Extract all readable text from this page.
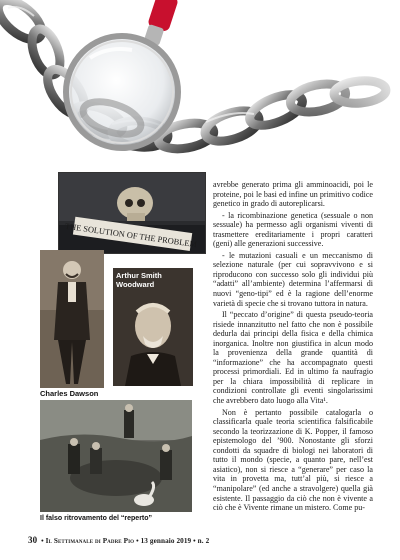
THE SOLUTION OF THE PROBLEM
Charles Dawson
Arthur Smith Woodward
Il falso ritrovamento del “reperto”

avrebbe generato prima gli amminoacidi, poi le proteine, poi le basi ed infine un primitivo codice genetico in grado di autoreplicarsi.

- la ricombinazione genetica (sessuale o non sessuale) ha permesso agli organismi viventi di trasmettere ereditariamente i propri caratteri (geni) alle generazioni successive.

- le mutazioni casuali e un meccanismo di selezione naturale (per cui sopravvivono e si riproducono con successo solo gli individui più “adatti” all’ambiente) determina l’affermarsi di nuovi “geno-tipi” ed è la ragione dell’enorme varietà di specie che si trovano tuttora in natura.

Il “peccato d’origine” di questa pseudo-teoria risiede innanzitutto nel fatto che non è possibile dedurla dai principi della fisica e della chimica inorganica. Inoltre non giustifica in alcun modo la provenienza della grande quantità di “informazione” che ha accompagnato questi processi primordiali. Ed in ultimo fa naufragio per la chiara impossibilità di replicare in condizioni controllate gli eventi singolarissimi che avrebbero dato luogo alla Vita¹.

Non è pertanto possibile catalogarla o classificarla quale teoria scientifica falsificabile secondo la teorizzazione di K. Popper, il famoso epistemologo del ’900. Nonostante gli sforzi condotti da squadre di biologi nei laboratori di tutto il mondo (specie, a quanto pare, nell’est asiatico), non si riesce a “generare” per caso la vita in provetta ma, tutt’al più, si riesce a “manipolare” (ed anche a stravolgere) quella già esistente. Il passaggio da ciò che non è vivente a ciò che è Vivente rimane un mistero. Come pu-

30 • Il Settimanale di Padre Pio • 13 gennaio 2019 • n. 2
